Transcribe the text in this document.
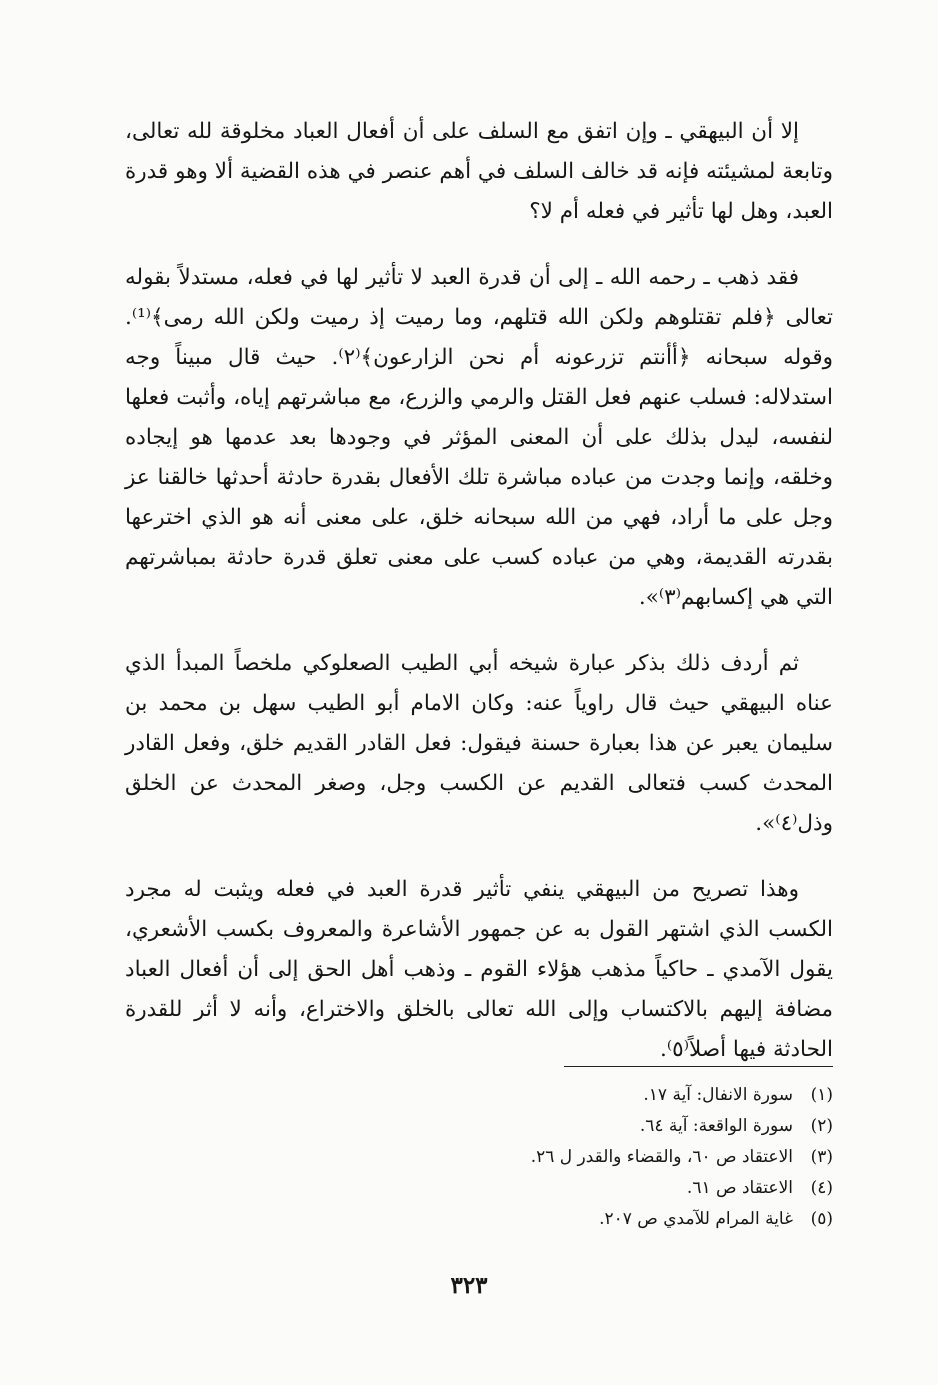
إلا أن البيهقي ـ وإن اتفق مع السلف على أن أفعال العباد مخلوقة لله تعالى، وتابعة لمشيئته فإنه قد خالف السلف في أهم عنصر في هذه القضية ألا وهو قدرة العبد، وهل لها تأثير في فعله أم لا؟

فقد ذهب ـ رحمه الله ـ إلى أن قدرة العبد لا تأثير لها في فعله، مستدلاً بقوله تعالى ﴿فلم تقتلوهم ولكن الله قتلهم، وما رميت إذ رميت ولكن الله رمى﴾⁽¹⁾. وقوله سبحانه ﴿أأنتم تزرعونه أم نحن الزارعون﴾⁽٢⁾. حيث قال مبيناً وجه استدلاله: فسلب عنهم فعل القتل والرمي والزرع، مع مباشرتهم إياه، وأثبت فعلها لنفسه، ليدل بذلك على أن المعنى المؤثر في وجودها بعد عدمها هو إيجاده وخلقه، وإنما وجدت من عباده مباشرة تلك الأفعال بقدرة حادثة أحدثها خالقنا عز وجل على ما أراد، فهي من الله سبحانه خلق، على معنى أنه هو الذي اخترعها بقدرته القديمة، وهي من عباده كسب على معنى تعلق قدرة حادثة بمباشرتهم التي هي إكسابهم⁽٣⁾».

ثم أردف ذلك بذكر عبارة شيخه أبي الطيب الصعلوكي ملخصاً المبدأ الذي عناه البيهقي حيث قال راوياً عنه: وكان الامام أبو الطيب سهل بن محمد بن سليمان يعبر عن هذا بعبارة حسنة فيقول: فعل القادر القديم خلق، وفعل القادر المحدث كسب فتعالى القديم عن الكسب وجل، وصغر المحدث عن الخلق وذل⁽٤⁾».

وهذا تصريح من البيهقي ينفي تأثير قدرة العبد في فعله ويثبت له مجرد الكسب الذي اشتهر القول به عن جمهور الأشاعرة والمعروف بكسب الأشعري، يقول الآمدي ـ حاكياً مذهب هؤلاء القوم ـ وذهب أهل الحق إلى أن أفعال العباد مضافة إليهم بالاكتساب وإلى الله تعالى بالخلق والاختراع، وأنه لا أثر للقدرة الحادثة فيها أصلاً⁽٥⁾.

(١)
سورة الانفال: آية ١٧.
(٢)
سورة الواقعة: آية ٦٤.
(٣)
الاعتقاد ص ٦٠، والقضاء والقدر ل ٢٦.
(٤)
الاعتقاد ص ٦١.
(٥)
غاية المرام للآمدي ص ٢٠٧.
٣٢٣
